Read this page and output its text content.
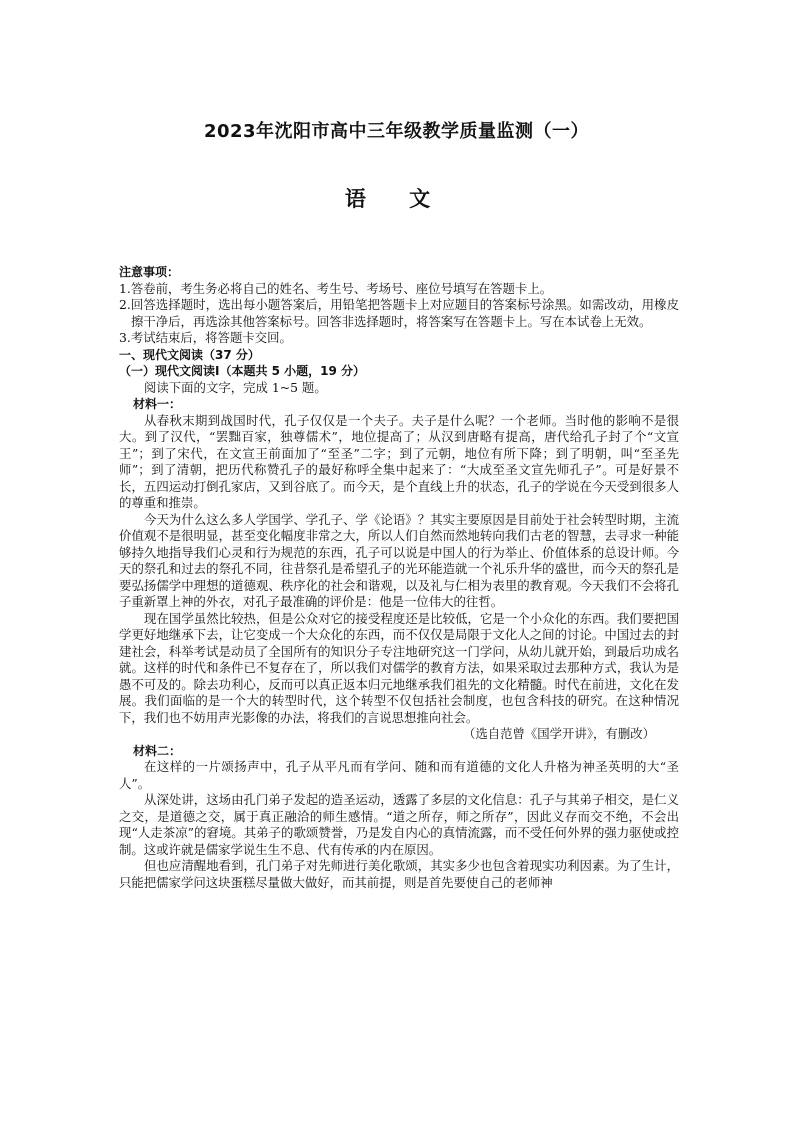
2023年沈阳市高中三年级教学质量监测（一）
语 文

注意事项：

1.答卷前，考生务必将自己的姓名、考生号、考场号、座位号填写在答题卡上。

2.回答选择题时，选出每小题答案后，用铅笔把答题卡上对应题目的答案标号涂黑。如需改动，用橡皮擦干净后，再选涂其他答案标号。回答非选择题时，将答案写在答题卡上。写在本试卷上无效。

3.考试结束后，将答题卡交回。

一、现代文阅读（37 分）

（一）现代文阅读Ⅰ（本题共 5 小题，19 分）

阅读下面的文字，完成 1~5 题。

材料一：

从春秋末期到战国时代，孔子仅仅是一个夫子。夫子是什么呢？一个老师。当时他的影响不是很大。到了汉代，“罢黜百家，独尊儒术”，地位提高了；从汉到唐略有提高，唐代给孔子封了个“文宣王”；到了宋代，在文宣王前面加了“至圣”二字；到了元朝，地位有所下降；到了明朝，叫“至圣先师”；到了清朝，把历代称赞孔子的最好称呼全集中起来了：“大成至圣文宣先师孔子”。可是好景不长，五四运动打倒孔家店，又到谷底了。而今天，是个直线上升的状态，孔子的学说在今天受到很多人的尊重和推崇。

今天为什么这么多人学国学、学孔子、学《论语》？其实主要原因是目前处于社会转型时期，主流价值观不是很明显，甚至变化幅度非常之大，所以人们自然而然地转向我们古老的智慧，去寻求一种能够持久地指导我们心灵和行为规范的东西，孔子可以说是中国人的行为举止、价值体系的总设计师。今天的祭孔和过去的祭孔不同，往昔祭孔是希望孔子的光环能造就一个礼乐升华的盛世，而今天的祭孔是要弘扬儒学中理想的道德观、秩序化的社会和谐观，以及礼与仁相为表里的教育观。今天我们不会将孔子重新罩上神的外衣，对孔子最准确的评价是：他是一位伟大的往哲。

现在国学虽然比较热，但是公众对它的接受程度还是比较低，它是一个小众化的东西。我们要把国学更好地继承下去，让它变成一个大众化的东西，而不仅仅是局限于文化人之间的讨论。中国过去的封建社会，科举考试是动员了全国所有的知识分子专注地研究这一门学问，从幼儿就开始，到最后功成名就。这样的时代和条件已不复存在了，所以我们对儒学的教育方法，如果采取过去那种方式，我认为是愚不可及的。除去功利心，反而可以真正返本归元地继承我们祖先的文化精髓。时代在前进，文化在发展。我们面临的是一个大的转型时代，这个转型不仅包括社会制度，也包含科技的研究。在这种情况下，我们也不妨用声光影像的办法，将我们的言说思想推向社会。

（选自范曾《国学开讲》，有删改）

材料二：

在这样的一片颂扬声中，孔子从平凡而有学问、随和而有道德的文化人升格为神圣英明的大“圣人”。

从深处讲，这场由孔门弟子发起的造圣运动，透露了多层的文化信息：孔子与其弟子相交，是仁义之交，是道德之交，属于真正融洽的师生感情。“道之所存，师之所存”，因此义存而交不绝，不会出现“人走茶凉”的窘境。其弟子的歌颂赞誉，乃是发自内心的真情流露，而不受任何外界的强力驱使或控制。这或许就是儒家学说生生不息、代有传承的内在原因。

但也应清醒地看到，孔门弟子对先师进行美化歌颂，其实多少也包含着现实功利因素。为了生计，只能把儒家学问这块蛋糕尽量做大做好，而其前提，则是首先要使自己的老师神
